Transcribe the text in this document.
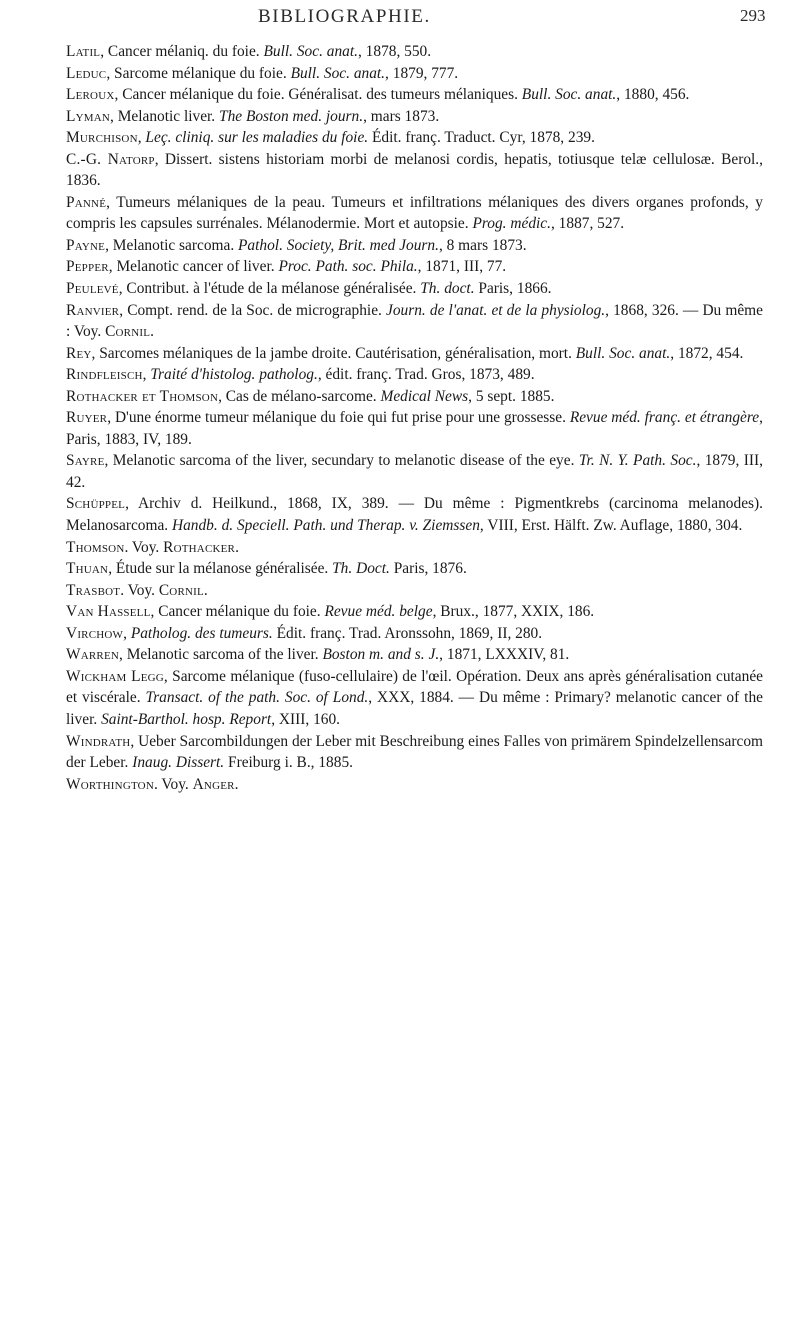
BIBLIOGRAPHIE.	293
Latil, Cancer mélaniq. du foie. Bull. Soc. anat., 1878, 550.
Leduc, Sarcome mélanique du foie. Bull. Soc. anat., 1879, 777.
Leroux, Cancer mélanique du foie. Généralisat. des tumeurs mélaniques. Bull. Soc. anat., 1880, 456.
Lyman, Melanotic liver. The Boston med. journ., mars 1873.
Murchison, Leç. cliniq. sur les maladies du foie. Édit. franç. Traduct. Cyr, 1878, 239.
C.-G. Natorp, Dissert. sistens historiam morbi de melanosi cordis, hepatis, totiusque telæ cellulosæ. Berol., 1836.
Panné, Tumeurs mélaniques de la peau. Tumeurs et infiltrations mélaniques des divers organes profonds, y compris les capsules surrénales. Mélanodermie. Mort et autopsie. Prog. médic., 1887, 527.
Payne, Melanotic sarcoma. Pathol. Society, Brit. med Journ., 8 mars 1873.
Pepper, Melanotic cancer of liver. Proc. Path. soc. Phila., 1871, III, 77.
Peulevé, Contribut. à l'étude de la mélanose généralisée. Th. doct. Paris, 1866.
Ranvier, Compt. rend. de la Soc. de micrographie. Journ. de l'anat. et de la physiolog., 1868, 326. — Du même : Voy. Cornil.
Rey, Sarcomes mélaniques de la jambe droite. Cautérisation, généralisation, mort. Bull. Soc. anat., 1872, 454.
Rindfleisch, Traité d'histolog. patholog., édit. franç. Trad. Gros, 1873, 489.
Rothacker et Thomson, Cas de mélano-sarcome. Medical News, 5 sept. 1885.
Ruyer, D'une énorme tumeur mélanique du foie qui fut prise pour une grossesse. Revue méd. franç. et étrangère, Paris, 1883, IV, 189.
Sayre, Melanotic sarcoma of the liver, secundary to melanotic disease of the eye. Tr. N. Y. Path. Soc., 1879, III, 42.
Schüppel, Archiv d. Heilkund., 1868, IX, 389. — Du même : Pigmentkrebs (carcinoma melanodes). Melanosarcoma. Handb. d. Speciell. Path. und Therap. v. Ziemssen, VIII, Erst. Hälft. Zw. Auflage, 1880, 304.
Thomson. Voy. Rothacker.
Thuan, Étude sur la mélanose généralisée. Th. Doct. Paris, 1876.
Trasbot. Voy. Cornil.
Van Hassell, Cancer mélanique du foie. Revue méd. belge, Brux., 1877, XXIX, 186.
Virchow, Patholog. des tumeurs. Édit. franç. Trad. Aronssohn, 1869, II, 280.
Warren, Melanotic sarcoma of the liver. Boston m. and s. J., 1871, LXXXIV, 81.
Wickham Legg, Sarcome mélanique (fuso-cellulaire) de l'œil. Opération. Deux ans après généralisation cutanée et viscérale. Transact. of the path. Soc. of Lond., XXX, 1884. — Du même : Primary? melanotic cancer of the liver. Saint-Barthol. hosp. Report, XIII, 160.
Windrath, Ueber Sarcombildungen der Leber mit Beschreibung eines Falles von primärem Spindelzellensarcom der Leber. Inaug. Dissert. Freiburg i. B., 1885.
Worthington. Voy. Anger.
